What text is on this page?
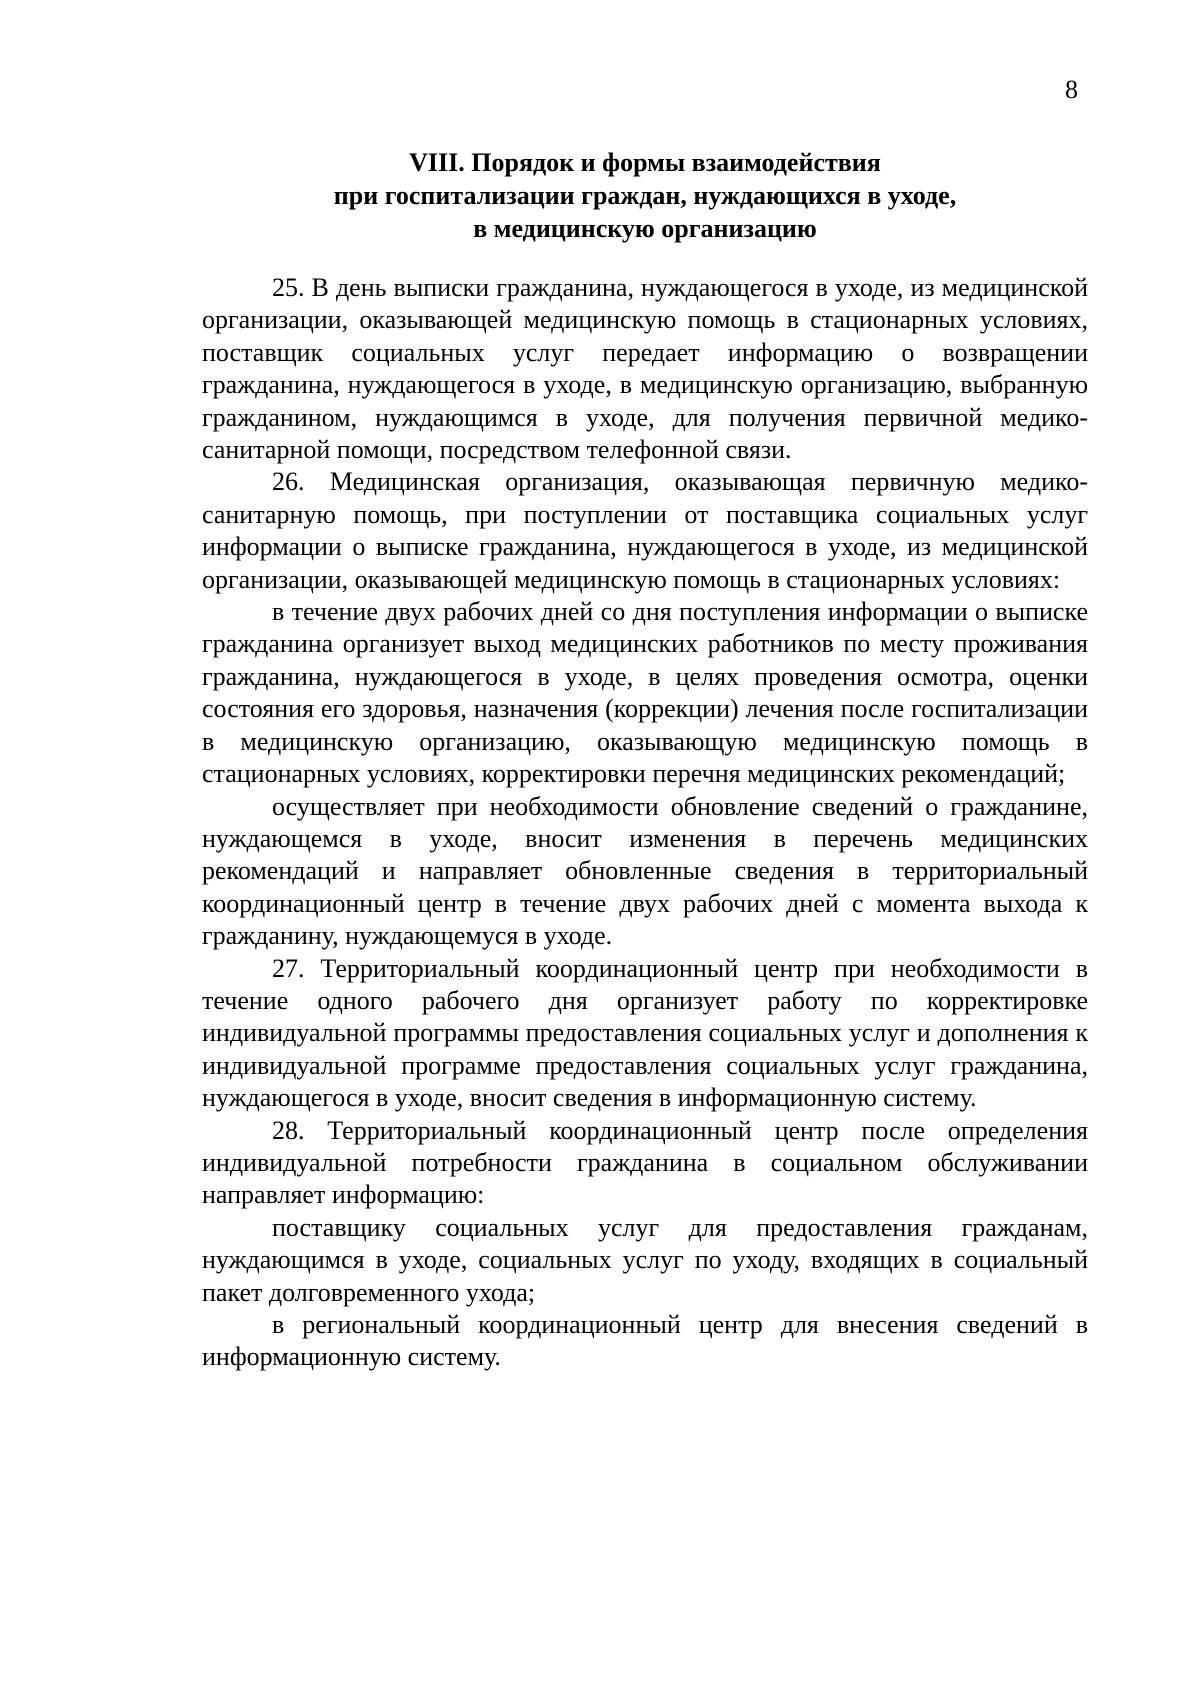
8
VIII. Порядок и формы взаимодействия
при госпитализации граждан, нуждающихся в уходе,
в медицинскую организацию

25. В день выписки гражданина, нуждающегося в уходе, из медицинской организации, оказывающей медицинскую помощь в стационарных условиях, поставщик социальных услуг передает информацию о возвращении гражданина, нуждающегося в уходе, в медицинскую организацию, выбранную гражданином, нуждающимся в уходе, для получения первичной медико-санитарной помощи, посредством телефонной связи.

26. Медицинская организация, оказывающая первичную медико-санитарную помощь, при поступлении от поставщика социальных услуг информации о выписке гражданина, нуждающегося в уходе, из медицинской организации, оказывающей медицинскую помощь в стационарных условиях:

в течение двух рабочих дней со дня поступления информации о выписке гражданина организует выход медицинских работников по месту проживания гражданина, нуждающегося в уходе, в целях проведения осмотра, оценки состояния его здоровья, назначения (коррекции) лечения после госпитализации в медицинскую организацию, оказывающую медицинскую помощь в стационарных условиях, корректировки перечня медицинских рекомендаций;

осуществляет при необходимости обновление сведений о гражданине, нуждающемся в уходе, вносит изменения в перечень медицинских рекомендаций и направляет обновленные сведения в территориальный координационный центр в течение двух рабочих дней с момента выхода к гражданину, нуждающемуся в уходе.

27. Территориальный координационный центр при необходимости в течение одного рабочего дня организует работу по корректировке индивидуальной программы предоставления социальных услуг и дополнения к индивидуальной программе предоставления социальных услуг гражданина, нуждающегося в уходе, вносит сведения в информационную систему.

28. Территориальный координационный центр после определения индивидуальной потребности гражданина в социальном обслуживании направляет информацию:

поставщику социальных услуг для предоставления гражданам, нуждающимся в уходе, социальных услуг по уходу, входящих в социальный пакет долговременного ухода;

в региональный координационный центр для внесения сведений в информационную систему.
